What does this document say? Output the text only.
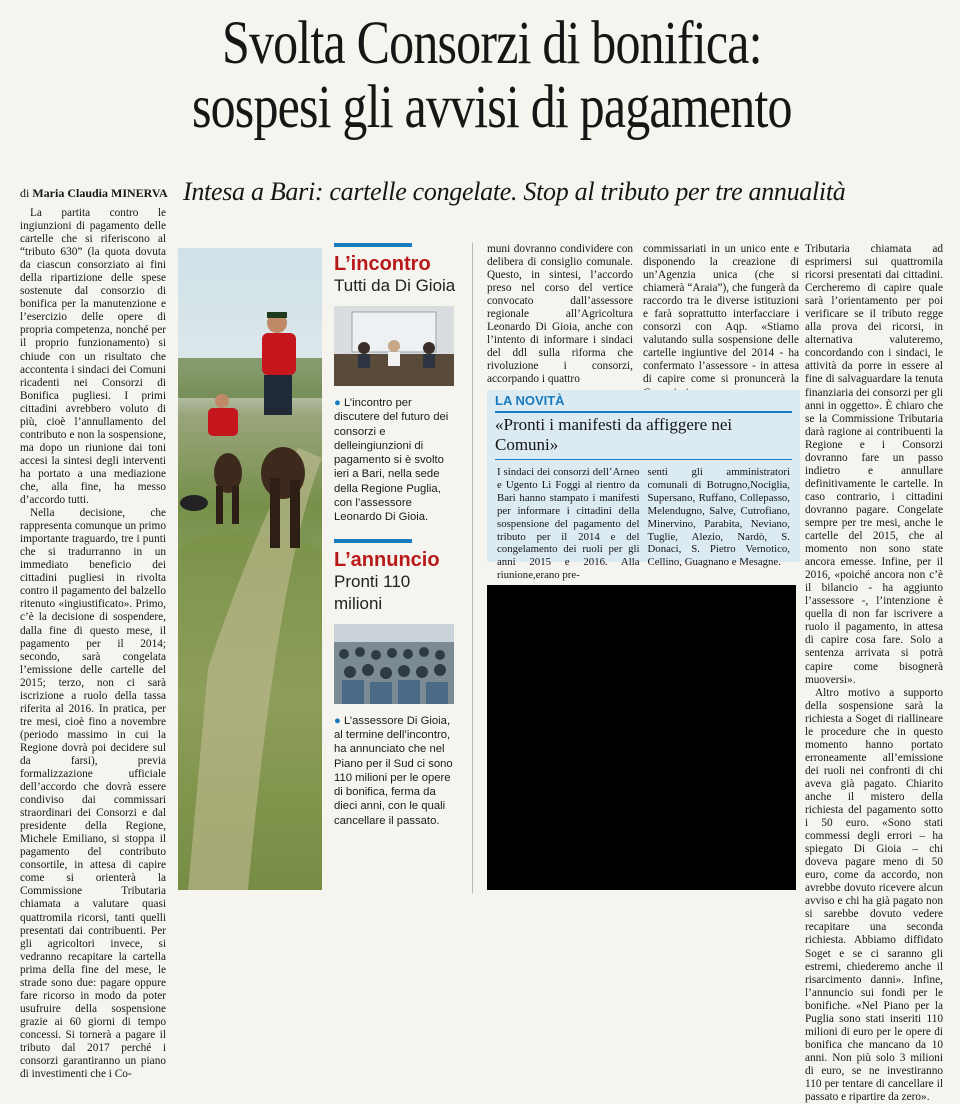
Svolta Consorzi di bonifica:
sospesi gli avvisi di pagamento
di Maria Claudia MINERVA Intesa a Bari: cartelle congelate. Stop al tributo per tre annualità

La partita contro le ingiunzioni di pagamento delle cartelle che si riferiscono al “tributo 630” (la quota dovuta da ciascun consorziato ai fini della ripartizione delle spese sostenute dal consorzio di bonifica per la manutenzione e l’esercizio delle opere di propria competenza, nonché per il proprio funzionamento) si chiude con un risultato che accontenta i sindaci dei Comuni ricadenti nei Consorzi di Bonifica pugliesi. I primi cittadini avrebbero voluto di più, cioè l’annullamento del contributo e non la sospensione, ma dopo un riunione dai toni accesi la sintesi degli interventi ha portato a una mediazione che, alla fine, ha messo d’accordo tutti.

Nella decisione, che rappresenta comunque un primo importante traguardo, tre i punti che si tradurranno in un immediato beneficio dei cittadini pugliesi in rivolta contro il pagamento del balzello ritenuto «ingiustificato». Primo, c’è la decisione di sospendere, dalla fine di questo mese, il pagamento per il 2014; secondo, sarà congelata l’emissione delle cartelle del 2015; terzo, non ci sarà iscrizione a ruolo della tassa riferita al 2016. In pratica, per tre mesi, cioè fino a novembre (periodo massimo in cui la Regione dovrà poi decidere sul da farsi), previa formalizzazione ufficiale dell’accordo che dovrà essere condiviso dai commissari straordinari dei Consorzi e dal presidente della Regione, Michele Emiliano, si stoppa il pagamento del contributo consortile, in attesa di capire come si orienterà la Commissione Tributaria chiamata a valutare quasi quattromila ricorsi, tanti quelli presentati dai contribuenti. Per gli agricoltori invece, si vedranno recapitare la cartella prima della fine del mese, le strade sono due: pagare oppure fare ricorso in modo da poter usufruire della sospensione grazie ai 60 giorni di tempo concessi. Si tornerà a pagare il tributo dal 2017 perché i consorzi garantiranno un piano di investimenti che i Co-

L’incontro
Tutti da Di Gioia
● L’incontro per discutere del futuro dei consorzi e delleingiunzioni di pagamento si è svolto ieri a Bari, nella sede della Regione Puglia, con l’assessore Leonardo Di Gioia.
L’annuncio
Pronti 110 milioni
● L’assessore Di Gioia, al termine dell’incontro, ha annunciato che nel Piano per il Sud ci sono 110 milioni per le opere di bonifica, ferma da dieci anni, con le quali cancellare il passato.
muni dovranno condividere con delibera di consiglio comunale. Questo, in sintesi, l’accordo preso nel corso del vertice convocato dall’assessore regionale all’Agricoltura Leonardo Di Gioia, anche con l’intento di informare i sindaci del ddl sulla riforma che rivoluzione i consorzi, accorpando i quattro
commissariati in un unico ente e disponendo la creazione di un’Agenzia unica (che si chiamerà “Araia”), che fungerà da raccordo tra le diverse istituzioni e farà soprattutto interfacciare i consorzi con Aqp. «Stiamo valutando sulla sospensione delle cartelle ingiuntive del 2014 - ha confermato l’assessore - in attesa di capire come si pronuncerà la
LA NOVITÀ
«Pronti i manifesti da affiggere nei Comuni»
I sindaci dei consorzi dell’Arneo e Ugento Li Foggi al rientro da Bari hanno stampato i manifesti per informare i cittadini della sospensione del pagamento del tributo per il 2014 e del congelamento dei ruoli per gli anni 2015 e 2016. Alla riunione,erano pre-
senti gli amministratori comunali di Botrugno,Nociglia, Supersano, Ruffano, Collepasso, Melendugno, Salve, Cutrofiano, Minervino, Parabita, Neviano, Tuglie, Alezio, Nardò, S. Donaci, S. Pietro Vernotico, Cellino, Guagnano e Mesagne.

Tributaria chiamata ad esprimersi sui quattromila ricorsi presentati dai cittadini. Cercheremo di capire quale sarà l’orientamento per poi verificare se il tributo regge alla prova dei ricorsi, in alternativa valuteremo, concordando con i sindaci, le attività da porre in essere al fine di salvaguardare la tenuta finanziaria dei consorzi per gli anni in oggetto». È chiaro che se la Commissione Tributaria darà ragione ai contribuenti la Regione e i Consorzi dovranno fare un passo indietro e annullare definitivamente le cartelle. In caso contrario, i cittadini dovranno pagare. Congelate sempre per tre mesi, anche le cartelle del 2015, che al momento non sono state ancora emesse. Infine, per il 2016, «poiché ancora non c’è il bilancio - ha aggiunto l’assessore -, l’intenzione è quella di non far iscrivere a ruolo il pagamento, in attesa di capire cosa fare. Solo a sentenza arrivata si potrà capire come bisognerà muoversi».

Altro motivo a supporto della sospensione sarà la richiesta a Soget di riallineare le procedure che in questo momento hanno portato erroneamente all’emissione dei ruoli nei confronti di chi aveva già pagato. Chiarito anche il mistero della richiesta del pagamento sotto i 50 euro. «Sono stati commessi degli errori – ha spiegato Di Gioia – chi doveva pagare meno di 50 euro, come da accordo, non avrebbe dovuto ricevere alcun avviso e chi ha già pagato non si sarebbe dovuto vedere recapitare una seconda richiesta. Abbiamo diffidato Soget e se ci saranno gli estremi, chiederemo anche il risarcimento danni». Infine, l’annuncio sui fondi per le bonifiche. «Nel Piano per la Puglia sono stati inseriti 110 milioni di euro per le opere di bonifica che mancano da 10 anni. Non più solo 3 milioni di euro, se ne investiranno 110 per tentare di cancellare il passato e ripartire da zero».
